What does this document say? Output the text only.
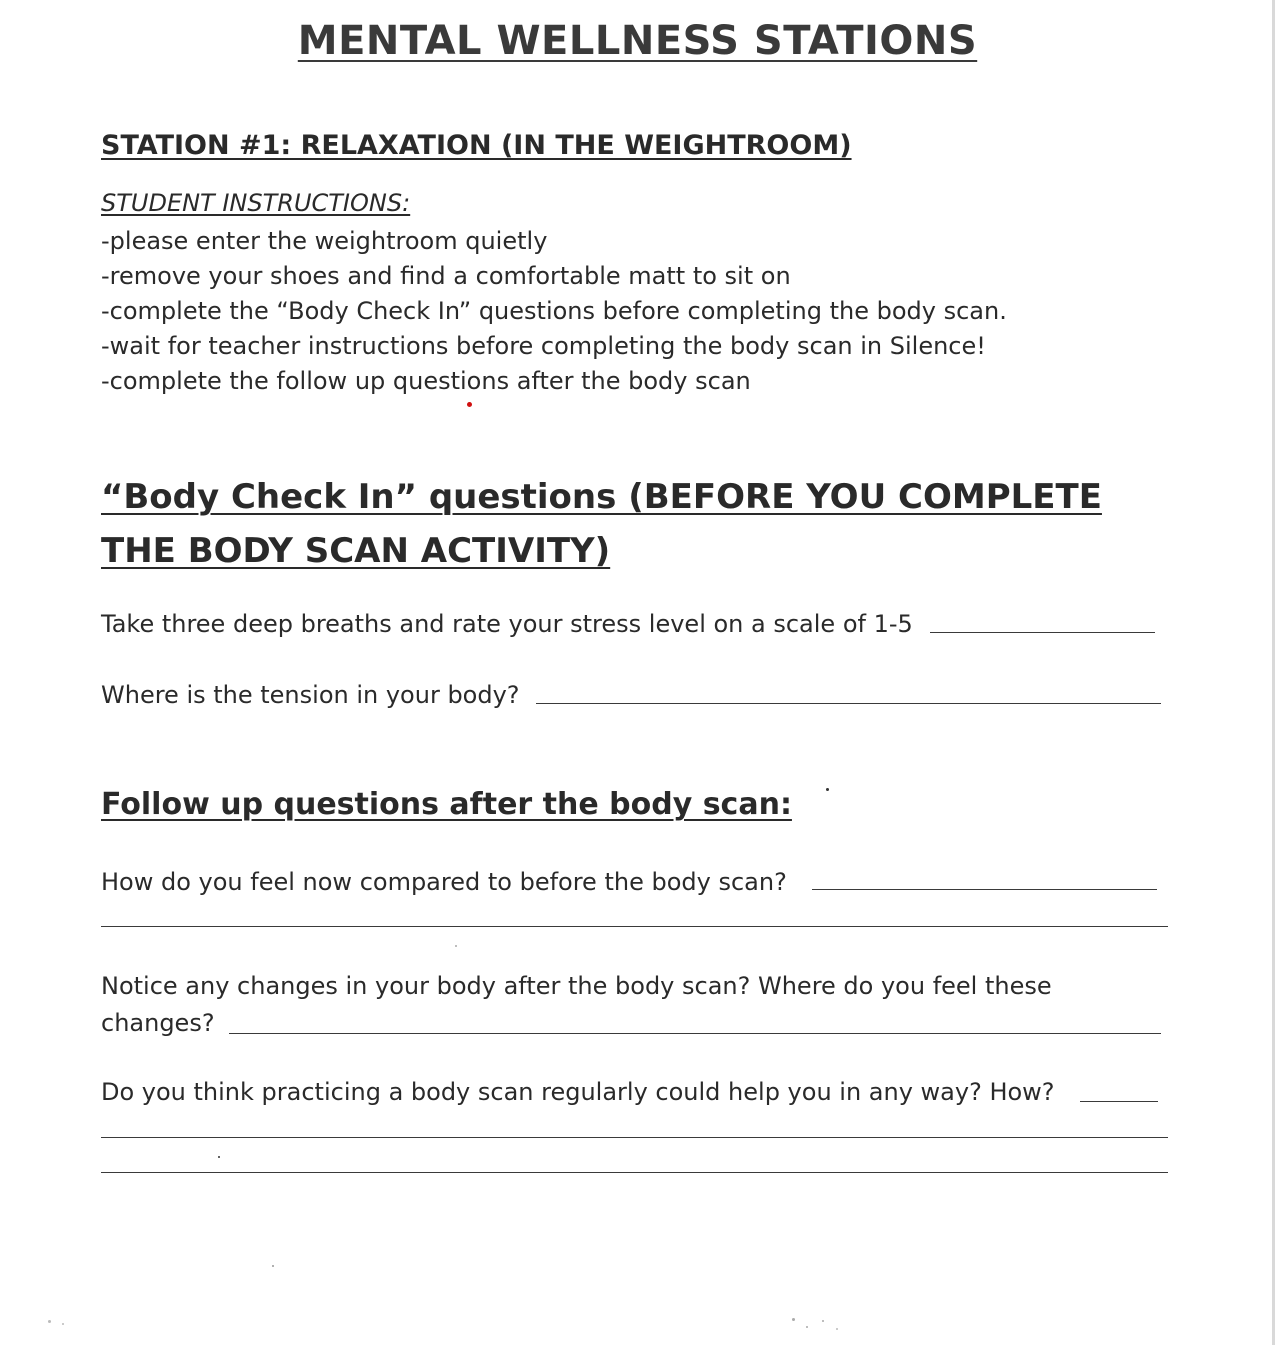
MENTAL WELLNESS STATIONS
STATION #1: RELAXATION (IN THE WEIGHTROOM)
STUDENT INSTRUCTIONS:
-please enter the weightroom quietly
-remove your shoes and find a comfortable matt to sit on
-complete the “Body Check In” questions before completing the body scan.
-wait for teacher instructions before completing the body scan in Silence!
-complete the follow up questions after the body scan
“Body Check In” questions (BEFORE YOU COMPLETE THE BODY SCAN ACTIVITY)
Take three deep breaths and rate your stress level on a scale of 1-5
Where is the tension in your body?
Follow up questions after the body scan:
How do you feel now compared to before the body scan?
Notice any changes in your body after the body scan? Where do you feel these changes?
Do you think practicing a body scan regularly could help you in any way? How?
